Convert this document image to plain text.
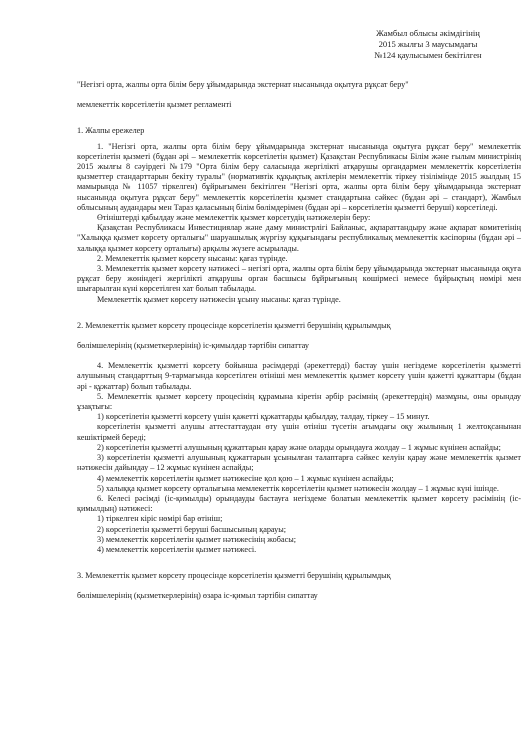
Жамбыл облысы әкімдігінің
2015 жылғы 3 маусымдағы
№124 қаулысымен бекітілген

"Негізгі орта, жалпы орта білім беру ұйымдарында экстернат нысанында оқытуға рұқсат беру"

мемлекеттік көрсетілетін қызмет регламенті

1. Жалпы ережелер

1. "Негізгі орта, жалпы орта білім беру ұйымдарында экстернат нысанында оқытуға рұқсат беру" мемлекеттік көрсетілетін қызметі (бұдан әрі – мемлекеттік көрсетілетін қызмет) Қазақстан Республикасы Білім және ғылым министрінің 2015 жылғы 8 сәуірдегі №179 "Орта білім беру саласында жергілікті атқарушы органдармен мемлекеттік көрсетілетін қызметтер стандарттарын бекіту туралы" (нормативтік құқықтық актілерін мемлекеттік тіркеу тізілімінде 2015 жылдың 15 мамырында № 11057 тіркелген) бұйрығымен бекітілген "Негізгі орта, жалпы орта білім беру ұйымдарында экстернат нысанында оқытуға рұқсат беру" мемлекеттік көрсетілетін қызмет стандартына сәйкес (бұдан әрі – стандарт), Жамбыл облысының аудандары мен Тараз қаласының білім бөлімдерімен (бұдан әрі – көрсетілетін қызметті беруші) көрсетіледі.

Өтініштерді қабылдау және мемлекеттік қызмет көрсетудің нәтижелерін беру:

Қазақстан Республикасы Инвестициялар және даму министрлігі Байланыс, ақпараттандыру және ақпарат комитетінің "Халыққа қызмет көрсету орталығы" шаруашылық жүргізу құқығындағы республикалық мемлекеттік кәсіпорны (бұдан әрі – халыққа қызмет көрсету орталығы) арқылы жүзеге асырылады.

2. Мемлекеттік қызмет көрсету нысаны: қағаз түрінде.

3. Мемлекеттік қызмет көрсету нәтижесі – негізгі орта, жалпы орта білім беру ұйымдарында экстернат нысанында оқуға рұқсат беру жөніндегі жергілікті атқарушы орган басшысы бұйрығының көшірмесі немесе бұйрықтың нөмірі мен шығарылған күні көрсетілген хат болып табылады.

Мемлекеттік қызмет көрсету нәтижесін ұсыну нысаны: қағаз түрінде.

2. Мемлекеттік қызмет көрсету процесінде көрсетілетін қызметті берушінің құрылымдық

бөлімшелерінің (қызметкерлерінің) іс-қимылдар тәртібін сипаттау

4. Мемлекеттік қызметті көрсету бойынша рәсімдерді (әрекеттерді) бастау үшін негіздеме көрсетілетін қызметті алушының стандарттың 9-тармағында көрсетілген өтініші мен мемлекеттік қызмет көрсету үшін қажетті құжаттары (бұдан әрі - құжаттар) болып табылады.

5. Мемлекеттік қызмет көрсету процесінің құрамына кіретін әрбір рәсімнің (әрекеттердің) мазмұны, оны орындау ұзақтығы:

1) көрсетілетін қызметті көрсету үшін қажетті құжаттарды қабылдау, талдау, тіркеу – 15 минут.

көрсетілетін қызметті алушы аттестаттаудан өту үшін өтініш түсетін ағымдағы оқу жылының 1 желтоқсанынан кешіктірмей береді;

2) көрсетілетін қызметті алушының құжаттарын қарау және оларды орындауға жолдау – 1 жұмыс күнінен аспайды;

3) көрсетілетін қызметті алушының құжаттарын ұсынылған талаптарға сәйкес келуін қарау және мемлекеттік қызмет нәтижесін дайындау – 12 жұмыс күнінен аспайды;

4) мемлекеттік көрсетілетін қызмет нәтижесіне қол қою – 1 жұмыс күнінен аспайды;

5) халыққа қызмет көрсету орталығына мемлекеттік көрсетілетін қызмет нәтижесін жолдау – 1 жұмыс күні ішінде.

6. Келесі рәсімді (іс-қимылды) орындауды бастауға негіздеме болатын мемлекеттік қызмет көрсету рәсімінің (іс-қимылдың) нәтижесі:

1) тіркелген кіріс нөмірі бар өтініш;

2) көрсетілетін қызметті беруші басшысының қарауы;

3) мемлекеттік көрсетілетін қызмет нәтижесінің жобасы;

4) мемлекеттік көрсетілетін қызмет нәтижесі.

3. Мемлекеттік қызмет көрсету процесінде көрсетілетін қызметті берушінің құрылымдық

бөлімшелерінің (қызметкерлерінің) өзара іс-қимыл тәртібін сипаттау
